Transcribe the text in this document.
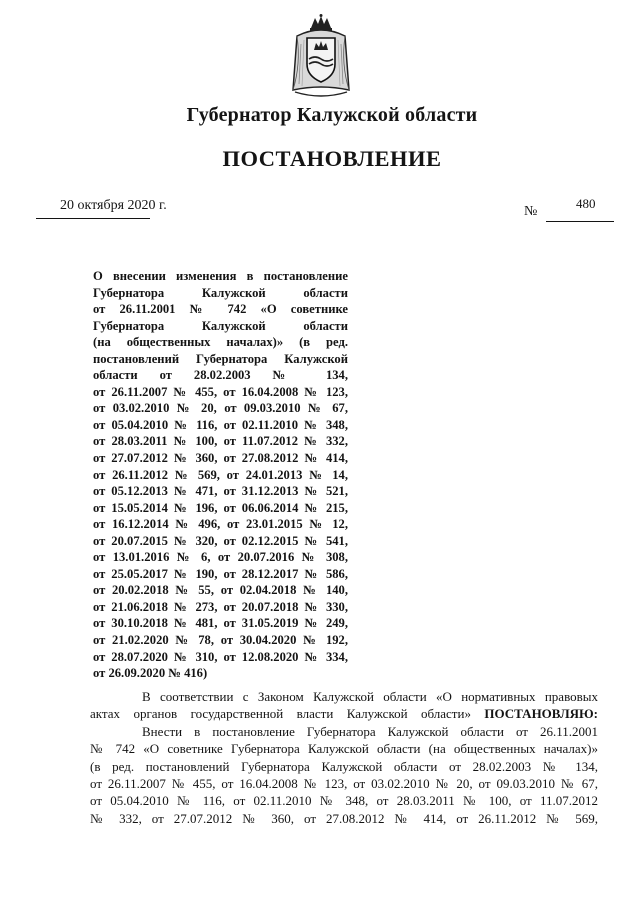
Губернатор Калужской области
ПОСТАНОВЛЕНИЕ
20 октября 2020 г.	№
480
О внесении изменения в постановление
Губернатора Калужской области
от 26.11.2001 № 742 «О советнике
Губернатора Калужской области
(на общественных началах)» (в ред.
постановлений Губернатора Калужской
области от 28.02.2003 № 134,
от 26.11.2007 № 455, от 16.04.2008 № 123,
от 03.02.2010 № 20, от 09.03.2010 № 67,
от 05.04.2010 № 116, от 02.11.2010 № 348,
от 28.03.2011 № 100, от 11.07.2012 № 332,
от 27.07.2012 № 360, от 27.08.2012 № 414,
от 26.11.2012 № 569, от 24.01.2013 № 14,
от 05.12.2013 № 471, от 31.12.2013 № 521,
от 15.05.2014 № 196, от 06.06.2014 № 215,
от 16.12.2014 № 496, от 23.01.2015 № 12,
от 20.07.2015 № 320, от 02.12.2015 № 541,
от 13.01.2016 № 6, от 20.07.2016 № 308,
от 25.05.2017 № 190, от 28.12.2017 № 586,
от 20.02.2018 № 55, от 02.04.2018 № 140,
от 21.06.2018 № 273, от 20.07.2018 № 330,
от 30.10.2018 № 481, от 31.05.2019 № 249,
от 21.02.2020 № 78, от 30.04.2020 № 192,
от 28.07.2020 № 310, от 12.08.2020 № 334,
от 26.09.2020 № 416)
В соответствии с Законом Калужской области «О нормативных правовых
актах органов государственной власти Калужской области» ПОСТАНОВЛЯЮ:
Внести в постановление Губернатора Калужской области от 26.11.2001
№ 742 «О советнике Губернатора Калужской области (на общественных началах)»
(в ред. постановлений Губернатора Калужской области от 28.02.2003 № 134,
от 26.11.2007 № 455, от 16.04.2008 № 123, от 03.02.2010 № 20, от 09.03.2010 № 67,
от 05.04.2010 № 116, от 02.11.2010 № 348, от 28.03.2011 № 100, от 11.07.2012
№ 332, от 27.07.2012 № 360, от 27.08.2012 № 414, от 26.11.2012 № 569,
